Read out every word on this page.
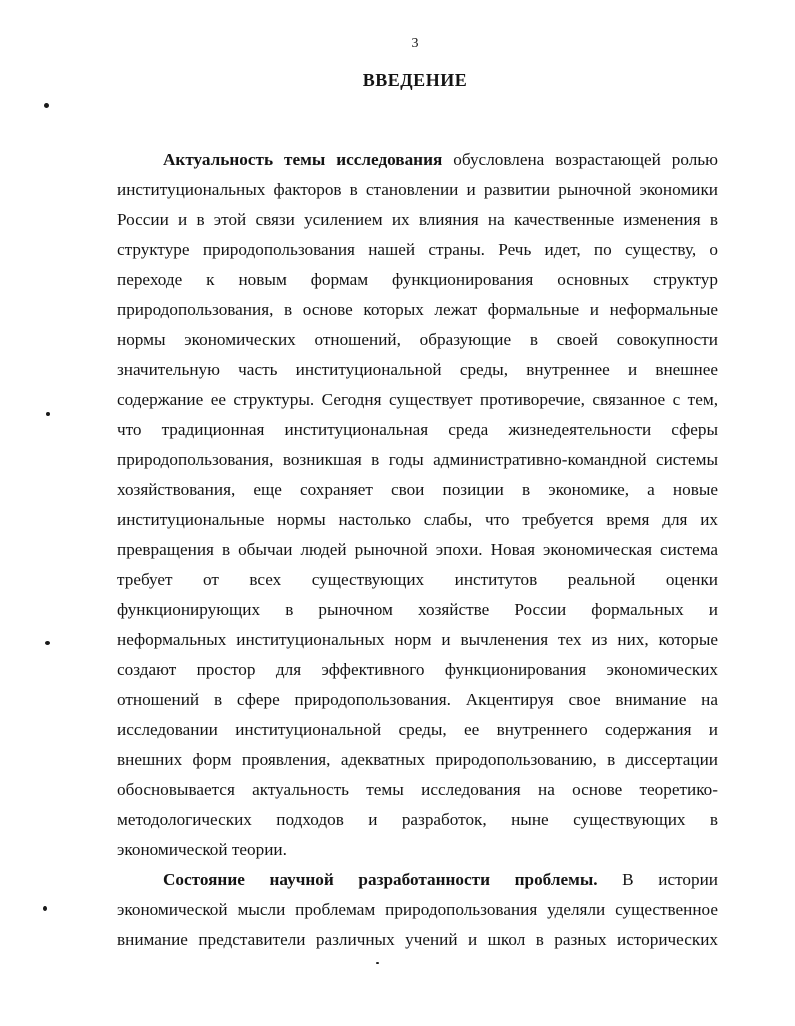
3
ВВЕДЕНИЕ
Актуальность темы исследования обусловлена возрастающей ролью
институциональных факторов в становлении и развитии рыночной экономики
России и в этой связи усилением их влияния на качественные изменения в
структуре природопользования нашей страны. Речь идет, по существу, о
переходе к новым формам функционирования основных структур
природопользования, в основе которых лежат формальные и неформальные
нормы экономических отношений, образующие в своей совокупности
значительную часть институциональной среды, внутреннее и внешнее
содержание ее структуры. Сегодня существует противоречие, связанное с тем,
что традиционная институциональная среда жизнедеятельности сферы
природопользования, возникшая в годы административно-командной системы
хозяйствования, еще сохраняет свои позиции в экономике, а новые
институциональные нормы настолько слабы, что требуется время для их
превращения в обычаи людей рыночной эпохи. Новая экономическая система
требует от всех существующих институтов реальной оценки
функционирующих в рыночном хозяйстве России формальных и
неформальных институциональных норм и вычленения тех из них, которые
создают простор для эффективного функционирования экономических
отношений в сфере природопользования. Акцентируя свое внимание на
исследовании институциональной среды, ее внутреннего содержания и
внешних форм проявления, адекватных природопользованию, в диссертации
обосновывается актуальность темы исследования на основе теоретико-
методологических подходов и разработок, ныне существующих в
экономической теории.
Состояние научной разработанности проблемы. В истории
экономической мысли проблемам природопользования уделяли существенное
внимание представители различных учений и школ в разных исторических
